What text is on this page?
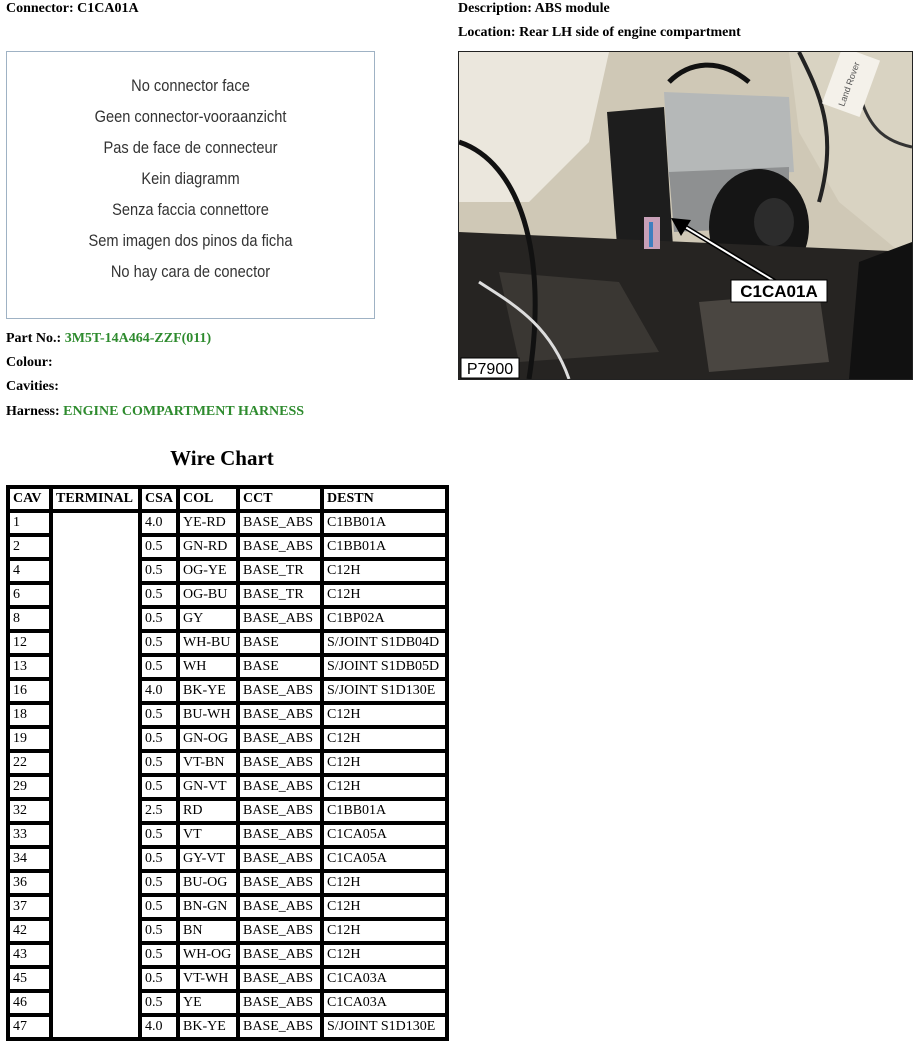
Connector: C1CA01A	Description: ABS module
Location: Rear LH side of engine compartment
No connector face
Geen connector-vooraanzicht
Pas de face de connecteur
Kein diagramm
Senza faccia connettore
Sem imagen dos pinos da ficha
No hay cara de conector
Land Rover
C1CA01A
P7900
Part No.: 3M5T-14A464-ZZF(011)
Colour:
Cavities:
Harness: ENGINE COMPARTMENT HARNESS
Wire Chart
CAV	TERMINAL	CSA	COL	CCT	DESTN
1		4.0	YE-RD	BASE_ABS	C1BB01A
2		0.5	GN-RD	BASE_ABS	C1BB01A
4		0.5	OG-YE	BASE_TR	C12H
6		0.5	OG-BU	BASE_TR	C12H
8		0.5	GY	BASE_ABS	C1BP02A
12		0.5	WH-BU	BASE	S/JOINT S1DB04D
13		0.5	WH	BASE	S/JOINT S1DB05D
16		4.0	BK-YE	BASE_ABS	S/JOINT S1D130E
18		0.5	BU-WH	BASE_ABS	C12H
19		0.5	GN-OG	BASE_ABS	C12H
22		0.5	VT-BN	BASE_ABS	C12H
29		0.5	GN-VT	BASE_ABS	C12H
32		2.5	RD	BASE_ABS	C1BB01A
33		0.5	VT	BASE_ABS	C1CA05A
34		0.5	GY-VT	BASE_ABS	C1CA05A
36		0.5	BU-OG	BASE_ABS	C12H
37		0.5	BN-GN	BASE_ABS	C12H
42		0.5	BN	BASE_ABS	C12H
43		0.5	WH-OG	BASE_ABS	C12H
45		0.5	VT-WH	BASE_ABS	C1CA03A
46		0.5	YE	BASE_ABS	C1CA03A
47		4.0	BK-YE	BASE_ABS	S/JOINT S1D130E
